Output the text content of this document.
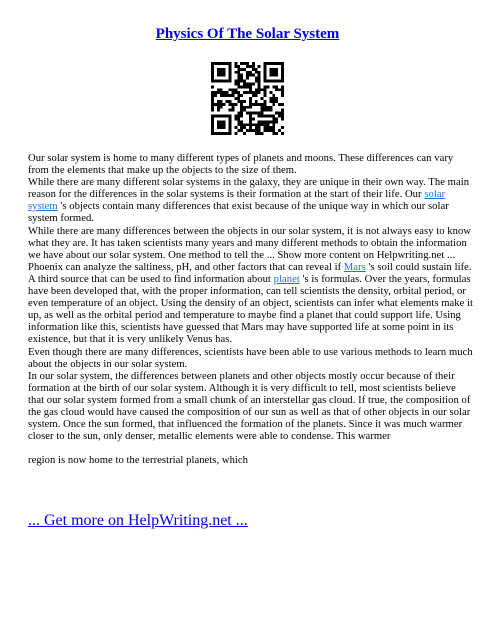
Physics Of The Solar System

Our solar system is home to many different types of planets and moons. These differences can vary from the elements that make up the objects to the size of them.

While there are many different solar systems in the galaxy, they are unique in their own way. The main reason for the differences in the solar systems is their formation at the start of their life. Our solar system 's objects contain many differences that exist because of the unique way in which our solar system formed.

While there are many differences between the objects in our solar system, it is not always easy to know what they are. It has taken scientists many years and many different methods to obtain the information we have about our solar system. One method to tell the ... Show more content on Helpwriting.net ...

Phoenix can analyze the saltiness, pH, and other factors that can reveal if Mars 's soil could sustain life. A third source that can be used to find information about planet 's is formulas. Over the years, formulas have been developed that, with the proper information, can tell scientists the density, orbital period, or even temperature of an object. Using the density of an object, scientists can infer what elements make it up, as well as the orbital period and temperature to maybe find a planet that could support life. Using information like this, scientists have guessed that Mars may have supported life at some point in its existence, but that it is very unlikely Venus has.

Even though there are many differences, scientists have been able to use various methods to learn much about the objects in our solar system.

In our solar system, the differences between planets and other objects mostly occur because of their formation at the birth of our solar system. Although it is very difficult to tell, most scientists believe that our solar system formed from a small chunk of an interstellar gas cloud. If true, the composition of the gas cloud would have caused the composition of our sun as well as that of other objects in our solar system. Once the sun formed, that influenced the formation of the planets. Since it was much warmer closer to the sun, only denser, metallic elements were able to condense. This warmer

region is now home to the terrestrial planets, which

... Get more on HelpWriting.net ...
